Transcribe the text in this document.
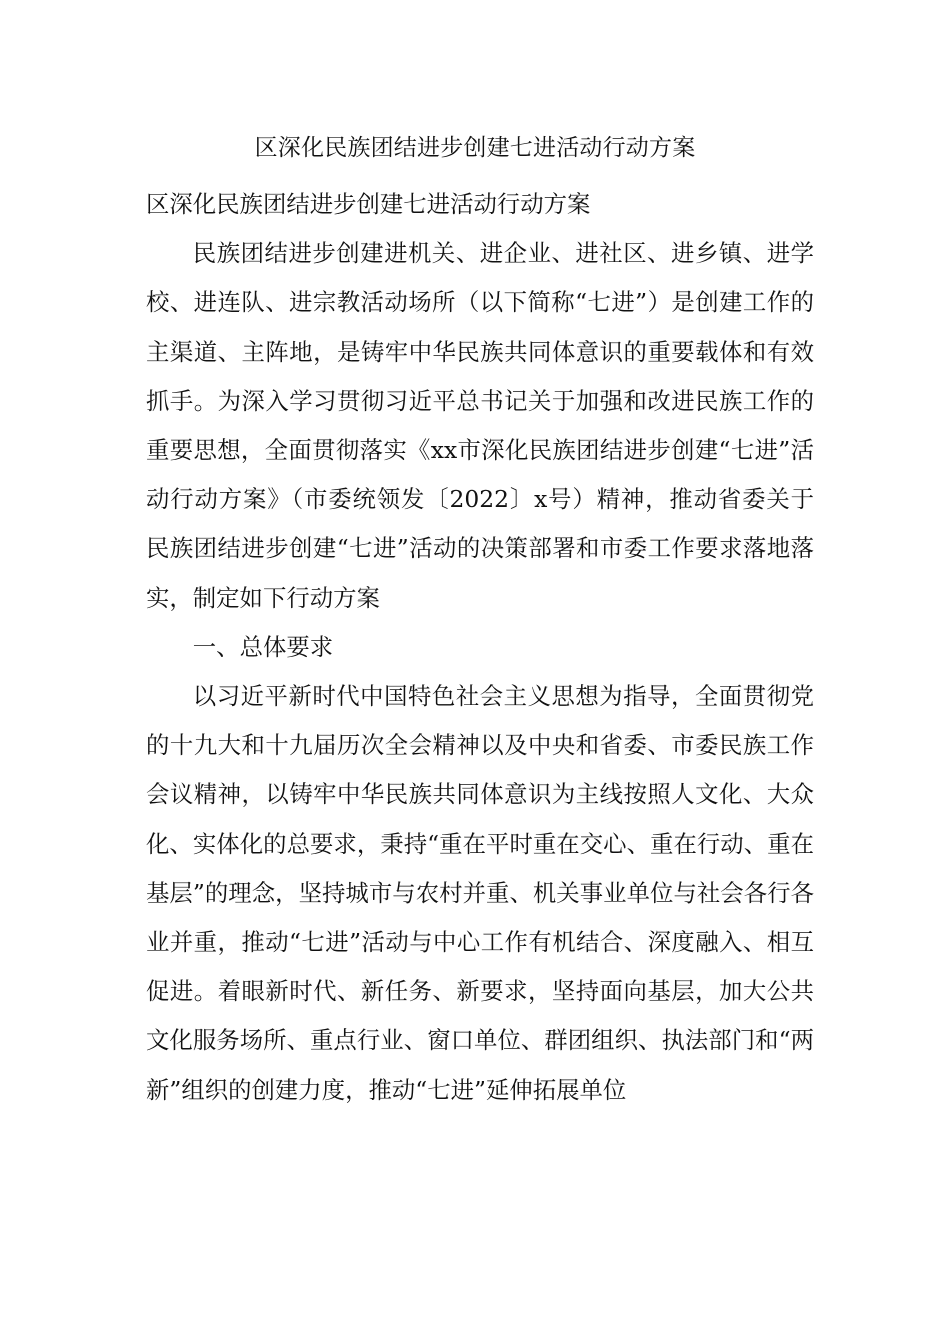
区深化民族团结进步创建七进活动行动方案

区深化民族团结进步创建七进活动行动方案

民族团结进步创建进机关、进企业、进社区、进乡镇、进学校、进连队、进宗教活动场所（以下简称“七进”）是创建工作的主渠道、主阵地，是铸牢中华民族共同体意识的重要载体和有效抓手。为深入学习贯彻习近平总书记关于加强和改进民族工作的重要思想，全面贯彻落实《xx市深化民族团结进步创建“七进”活动行动方案》（市委统领发〔2022〕x号）精神，推动省委关于民族团结进步创建“七进”活动的决策部署和市委工作要求落地落实，制定如下行动方案

一、总体要求

以习近平新时代中国特色社会主义思想为指导，全面贯彻党的十九大和十九届历次全会精神以及中央和省委、市委民族工作会议精神，以铸牢中华民族共同体意识为主线按照人文化、大众化、实体化的总要求，秉持“重在平时重在交心、重在行动、重在基层”的理念，坚持城市与农村并重、机关事业单位与社会各行各业并重，推动“七进”活动与中心工作有机结合、深度融入、相互促进。着眼新时代、新任务、新要求，坚持面向基层，加大公共文化服务场所、重点行业、窗口单位、群团组织、执法部门和“两新”组织的创建力度，推动“七进”延伸拓展单位
